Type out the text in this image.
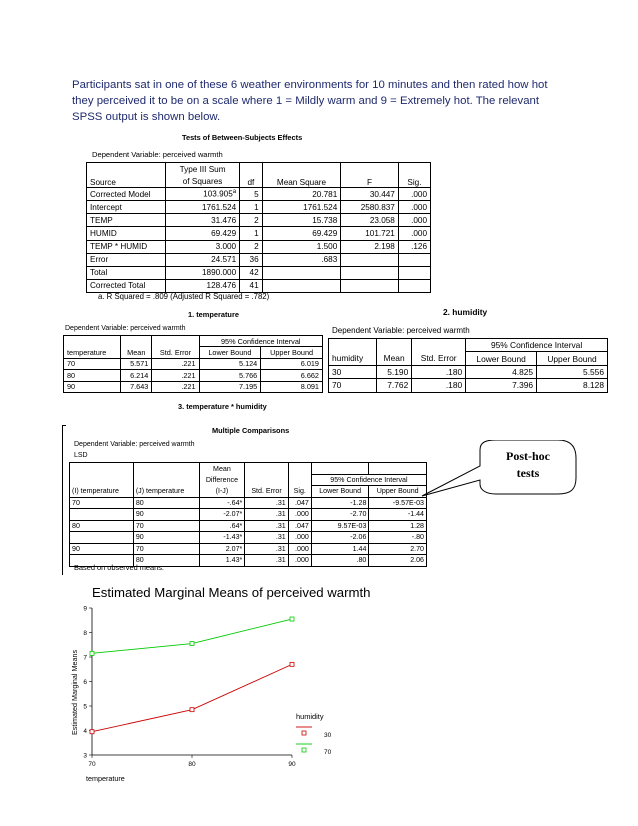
Participants sat in one of these 6 weather environments for 10 minutes and then rated how hot they perceived it to be on a scale where 1 = Mildly warm and 9 = Extremely hot. The relevant SPSS output is shown below.
Tests of Between-Subjects Effects
Dependent Variable: perceived warmth
Source	Type III Sum	df	Mean Square	F	Sig.
	of Squares				
Corrected Model	103.905$^a$	5	20.781	30.447	.000
Intercept	1761.524	1	1761.524	2580.837	.000
TEMP	31.476	2	15.738	23.058	.000
HUMID	69.429	1	69.429	101.721	.000
TEMP * HUMID	3.000	2	1.500	2.198	.126
Error	24.571	36	.683		
Total	1890.000	42			
Corrected Total	128.476	41			
a. R Squared = .809 (Adjusted R Squared = .782)
1. temperature
Dependent Variable: perceived warmth
			95% Confidence Interval	
temperature	Mean	Std. Error	Lower Bound	Upper Bound
70	5.571	.221	5.124	6.019
80	6.214	.221	5.766	6.662
90	7.643	.221	7.195	8.091
2. humidity
Dependent Variable: perceived warmth
			95% Confidence Interval	
humidity	Mean	Std. Error	Lower Bound	Upper Bound
30	5.190	.180	4.825	5.556
70	7.762	.180	7.396	8.128
3. temperature * humidity
Multiple Comparisons
Dependent Variable: perceived warmth
LSD
		Mean				
		Difference			95% Confidence Interval	
(I) temperature	(J) temperature	(I-J)	Std. Error	Sig.	Lower Bound	Upper Bound
70	80	-.64*	.31	.047	-1.28	-9.57E-03
	90	-2.07*	.31	.000	-2.70	-1.44
80	70	.64*	.31	.047	9.57E-03	1.28
	90	-1.43*	.31	.000	-2.06	-.80
90	70	2.07*	.31	.000	1.44	2.70
	80	1.43*	.31	.000	.80	2.06
Based on observed means.
Post-hoc
tests
Estimated Marginal Means of perceived warmth
temperature
Estimated Marginal Means	humidity
3
4
5
6
7
8
9
70	80	90
30
70
